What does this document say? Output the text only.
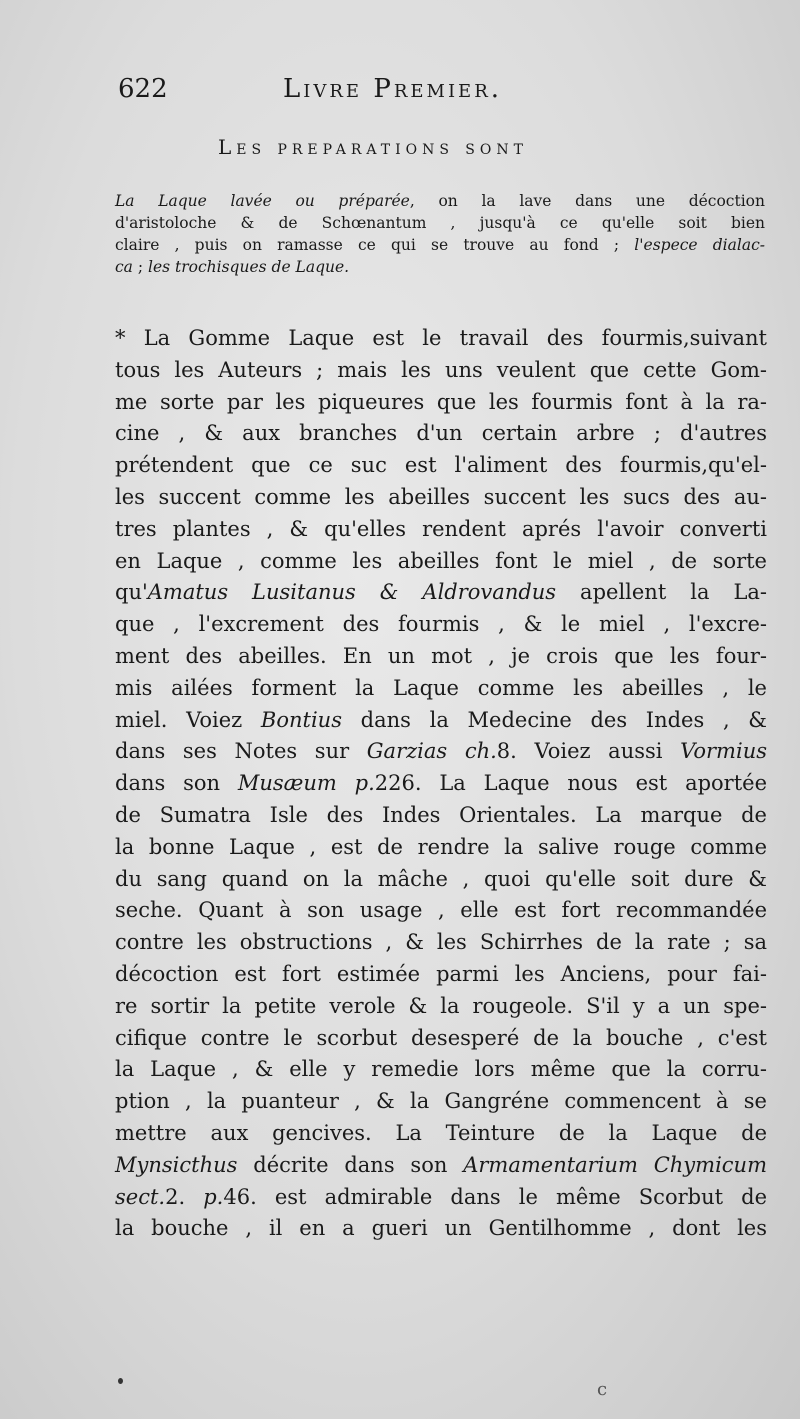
622	Livre Premier.
Les preparations sont
La Laque lavée ou préparée, on la lave dans une décoction
d'aristoloche & de Schœnantum , jusqu'à ce qu'elle soit bien
claire , puis on ramasse ce qui se trouve au fond ; l'espece dialac-
ca ; les trochisques de Laque.
* La Gomme Laque est le travail des fourmis,suivant
tous les Auteurs ; mais les uns veulent que cette Gom-
me sorte par les piqueures que les fourmis font à la ra-
cine , & aux branches d'un certain arbre ; d'autres
prétendent que ce suc est l'aliment des fourmis,qu'el-
les succent comme les abeilles succent les sucs des au-
tres plantes , & qu'elles rendent aprés l'avoir converti
en Laque , comme les abeilles font le miel , de sorte
qu'Amatus Lusitanus & Aldrovandus apellent la La-
que , l'excrement des fourmis , & le miel , l'excre-
ment des abeilles. En un mot , je crois que les four-
mis ailées forment la Laque comme les abeilles , le
miel. Voiez Bontius dans la Medecine des Indes , &
dans ses Notes sur Garzias ch.8. Voiez aussi Vormius
dans son Musæum p.226. La Laque nous est aportée
de Sumatra Isle des Indes Orientales. La marque de
la bonne Laque , est de rendre la salive rouge comme
du sang quand on la mâche , quoi qu'elle soit dure &
seche. Quant à son usage , elle est fort recommandée
contre les obstructions , & les Schirrhes de la rate ; sa
décoction est fort estimée parmi les Anciens, pour fai-
re sortir la petite verole & la rougeole. S'il y a un spe-
cifique contre le scorbut desesperé de la bouche , c'est
la Laque , & elle y remedie lors même que la corru-
ption , la puanteur , & la Gangréne commencent à se
mettre aux gencives. La Teinture de la Laque de
Mynsicthus décrite dans son Armamentarium Chymicum
sect.2. p.46. est admirable dans le même Scorbut de
la bouche , il en a gueri un Gentilhomme , dont les
c
